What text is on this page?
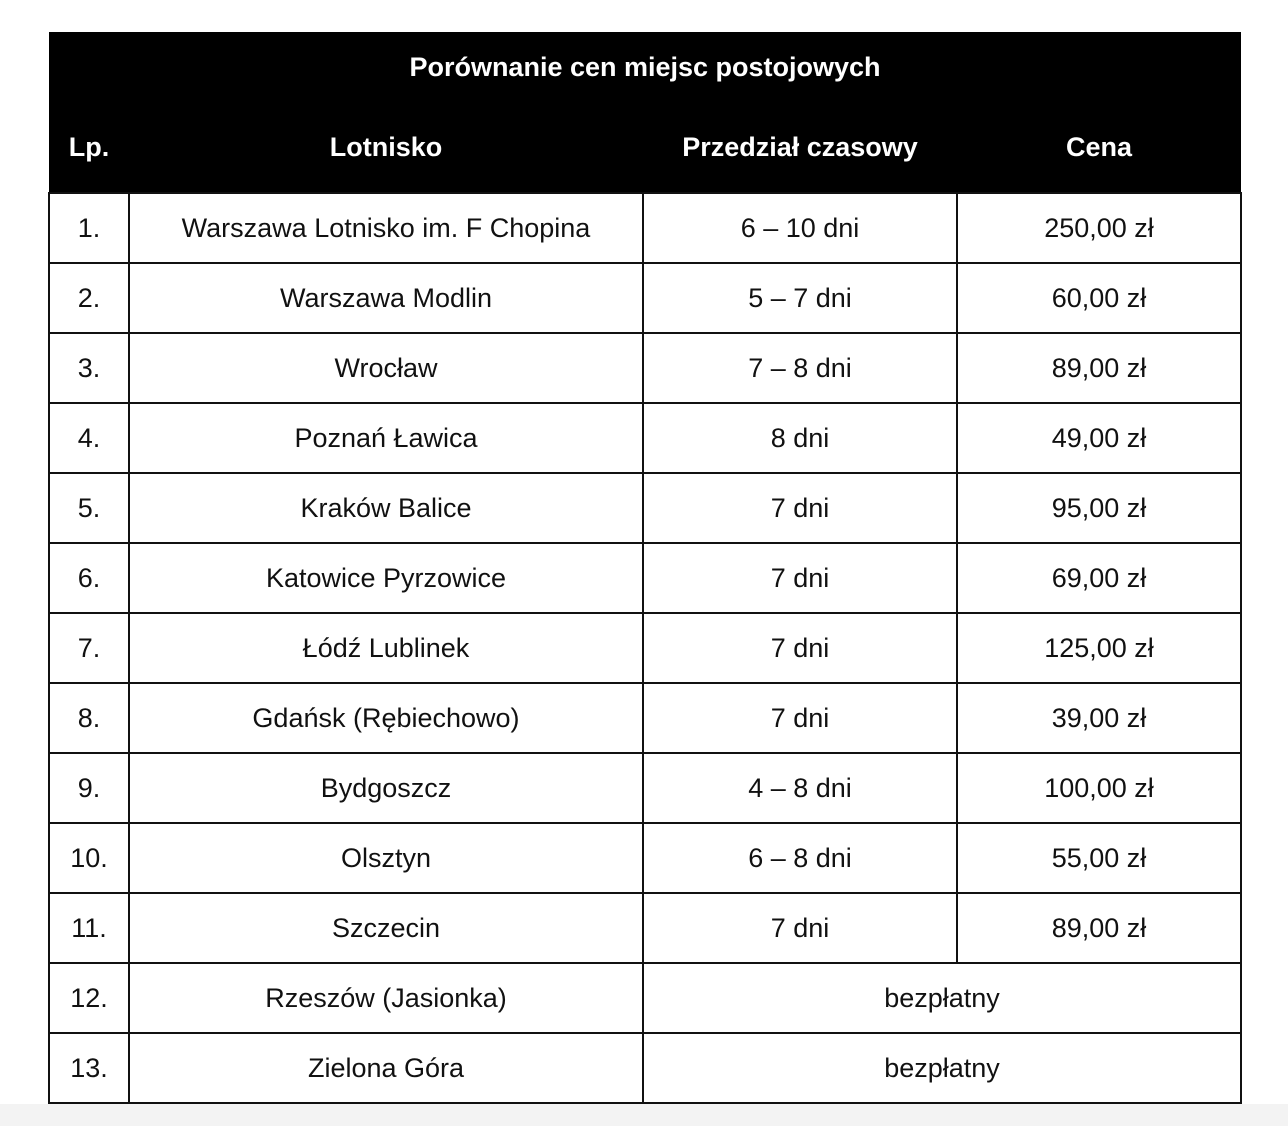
Porównanie cen miejsc postojowych			
Lp.	Lotnisko	Przedział czasowy	Cena
1.	Warszawa Lotnisko im. F Chopina	6 – 10 dni	250,00 zł
2.	Warszawa Modlin	5 – 7 dni	60,00 zł
3.	Wrocław	7 – 8 dni	89,00 zł
4.	Poznań Ławica	8 dni	49,00 zł
5.	Kraków Balice	7 dni	95,00 zł
6.	Katowice Pyrzowice	7 dni	69,00 zł
7.	Łódź Lublinek	7 dni	125,00 zł
8.	Gdańsk (Rębiechowo)	7 dni	39,00 zł
9.	Bydgoszcz	4 – 8 dni	100,00 zł
10.	Olsztyn	6 – 8 dni	55,00 zł
11.	Szczecin	7 dni	89,00 zł
12.	Rzeszów (Jasionka)	bezpłatny	
13.	Zielona Góra	bezpłatny	
